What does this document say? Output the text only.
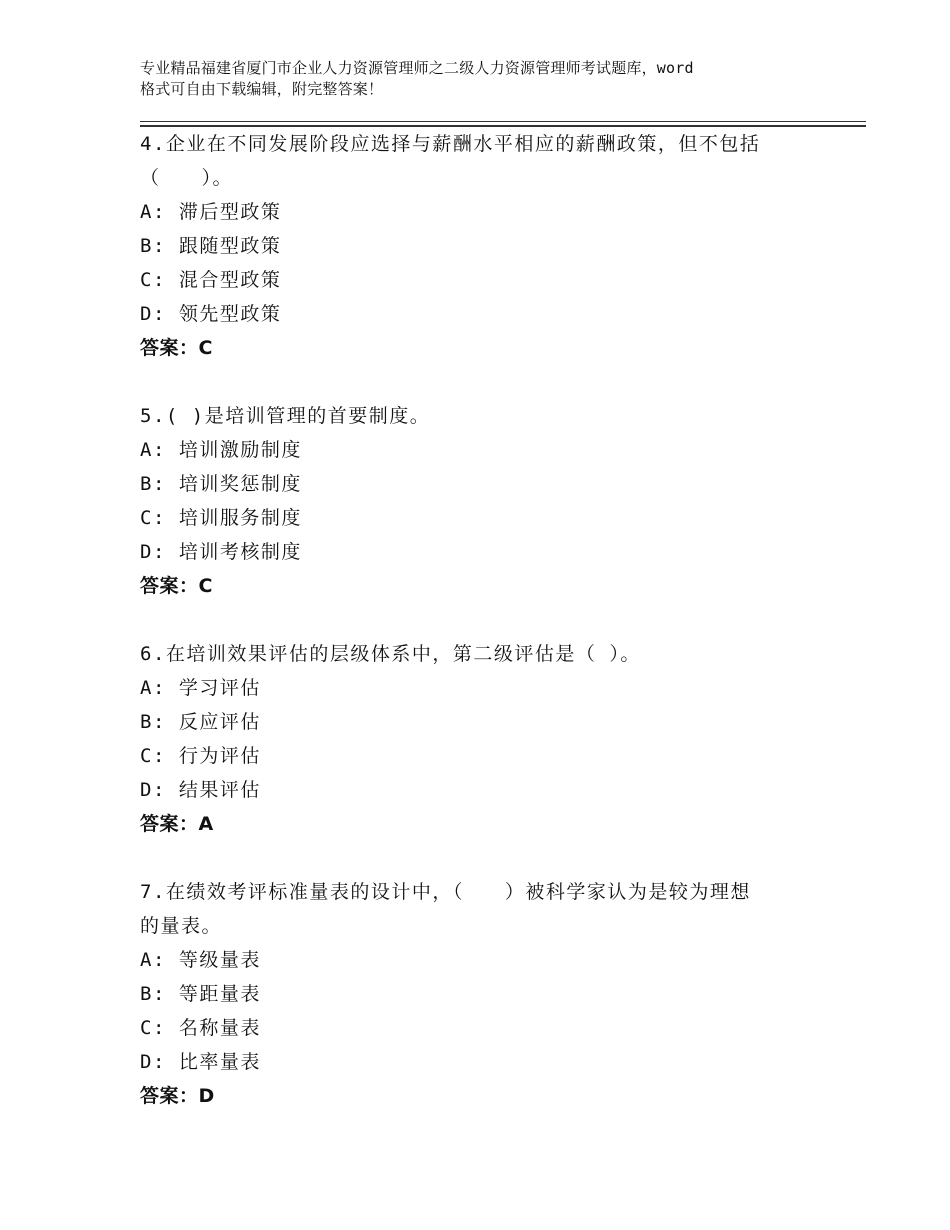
专业精品福建省厦门市企业人力资源管理师之二级人力资源管理师考试题库，word
格式可自由下载编辑，附完整答案！
4.企业在不同发展阶段应选择与薪酬水平相应的薪酬政策，但不包括
（　　）。
A: 滞后型政策
B: 跟随型政策
C: 混合型政策
D: 领先型政策
答案：C
5.( )是培训管理的首要制度。
A: 培训激励制度
B: 培训奖惩制度
C: 培训服务制度
D: 培训考核制度
答案：C
6.在培训效果评估的层级体系中，第二级评估是（ ）。
A: 学习评估
B: 反应评估
C: 行为评估
D: 结果评估
答案：A
7.在绩效考评标准量表的设计中，（　　）被科学家认为是较为理想
的量表。
A: 等级量表
B: 等距量表
C: 名称量表
D: 比率量表
答案：D
